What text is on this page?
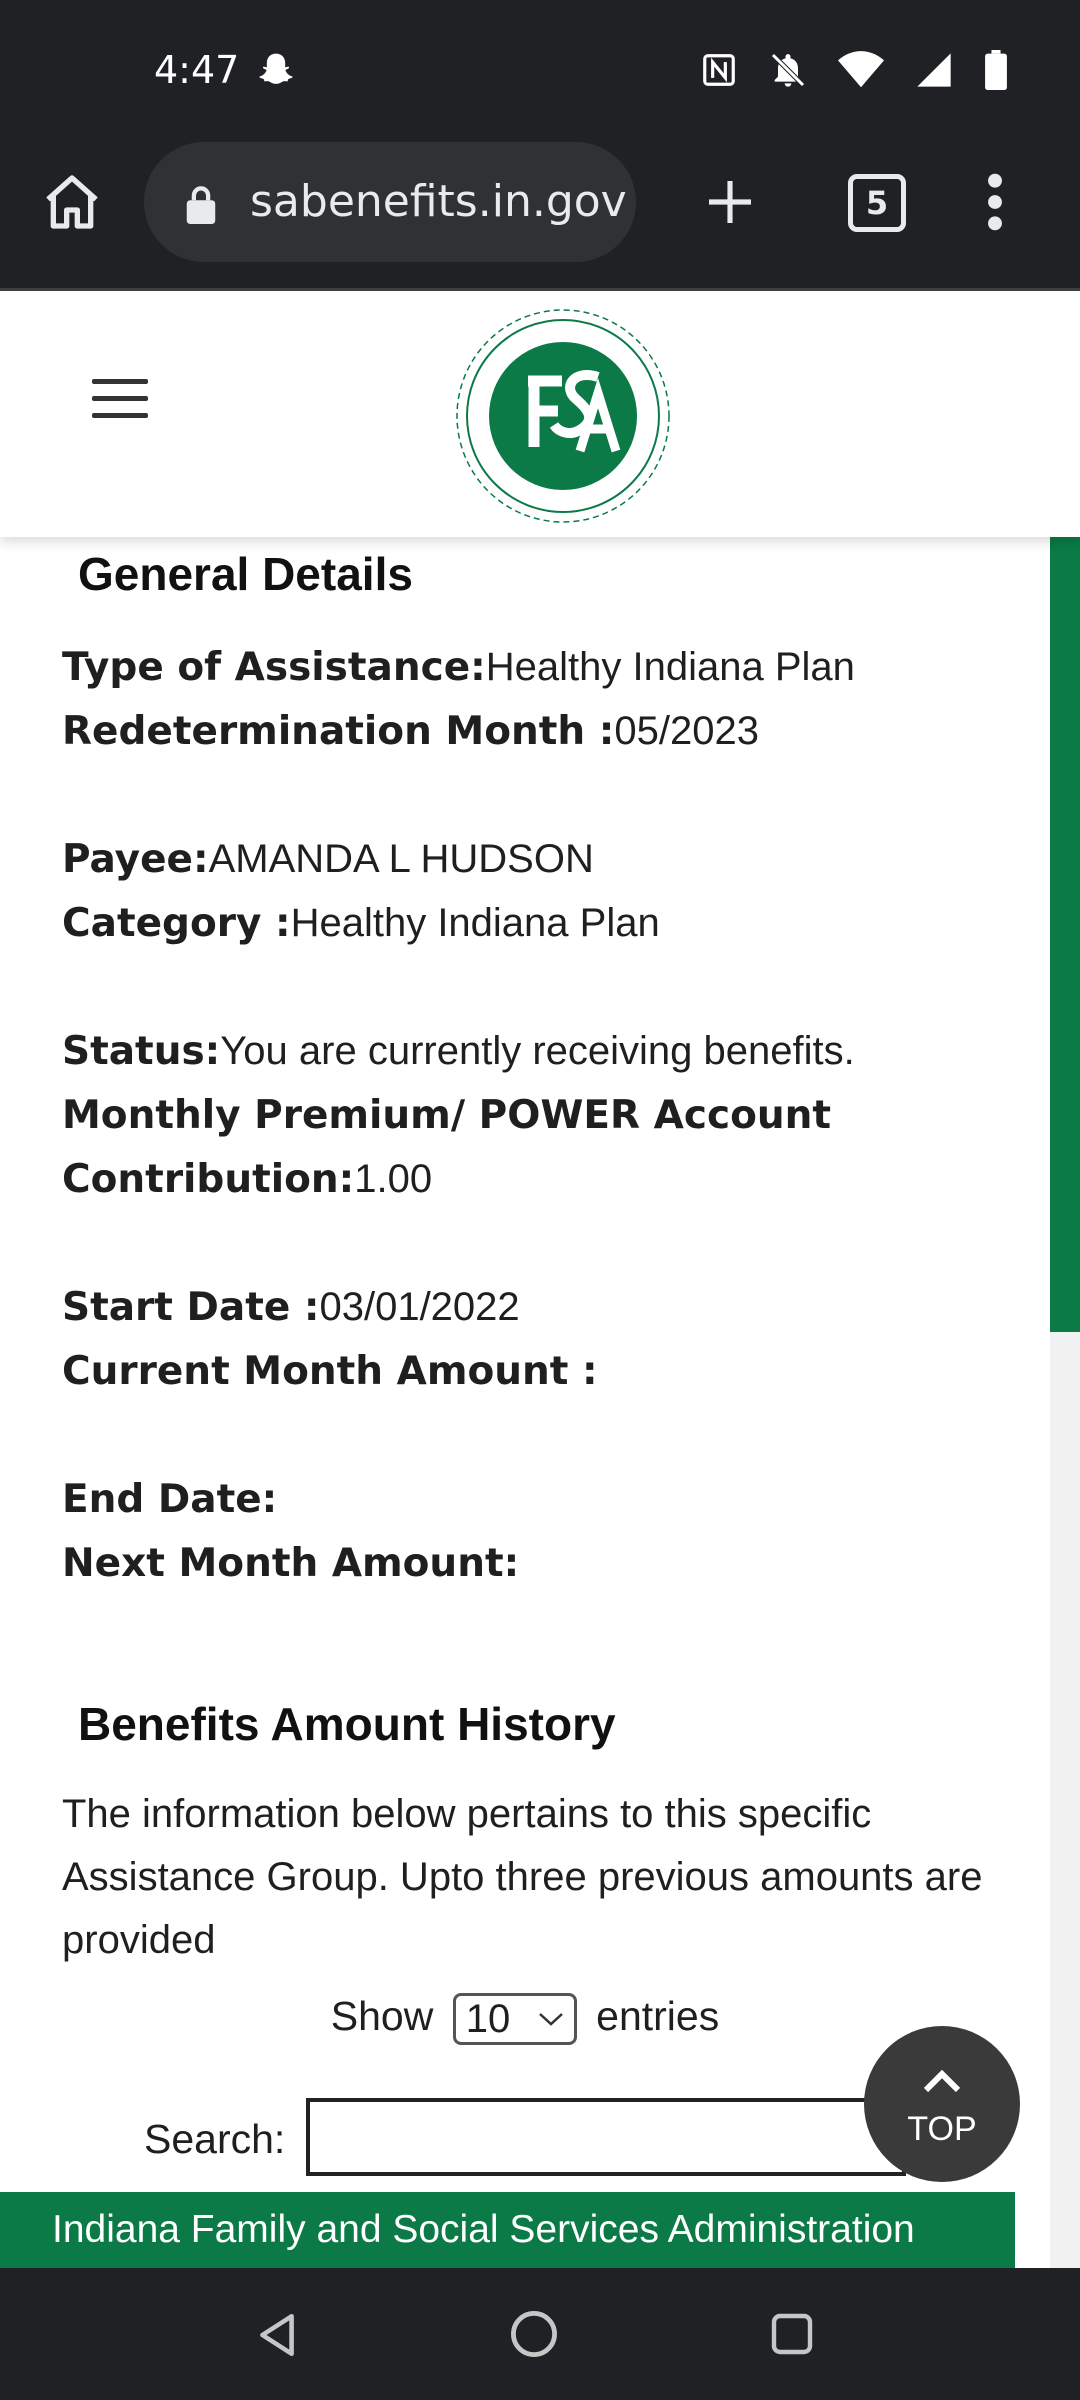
4:47
sabenefits.in.gov	5
General Details
Type of Assistance:Healthy Indiana Plan
Redetermination Month :05/2023
Payee:AMANDA L HUDSON
Category :Healthy Indiana Plan
Status:You are currently receiving benefits.
Monthly Premium/ POWER Account
Contribution:1.00
Start Date :03/01/2022
Current Month Amount :
End Date:
Next Month Amount:
Benefits Amount History
The information below pertains to this specific Assistance Group. Upto three previous amounts are provided
Show 10 entries
Search:	TOP
Indiana Family and Social Services Administration
